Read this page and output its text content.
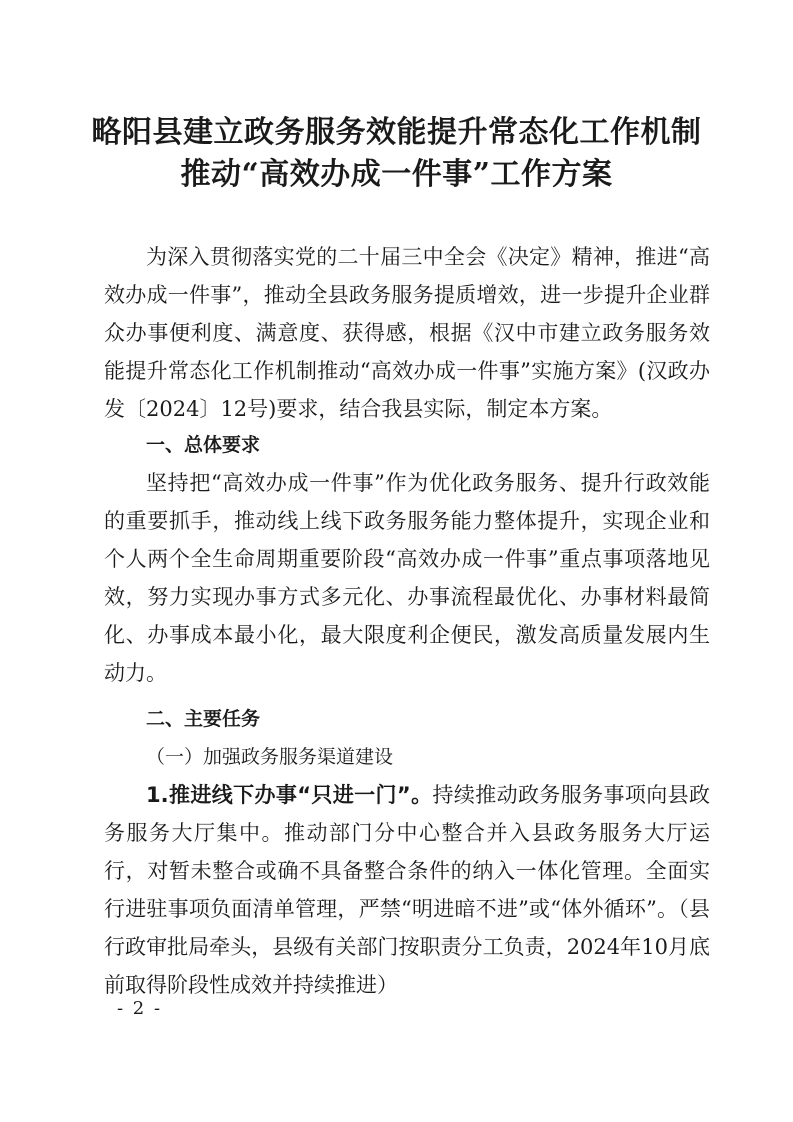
略阳县建立政务服务效能提升常态化工作机制
推动“高效办成一件事”工作方案

为深入贯彻落实党的二十届三中全会《决定》精神，推进“高效办成一件事”，推动全县政务服务提质增效，进一步提升企业群众办事便利度、满意度、获得感，根据《汉中市建立政务服务效能提升常态化工作机制推动“高效办成一件事”实施方案》(汉政办发〔2024〕12号)要求，结合我县实际，制定本方案。

一、总体要求

坚持把“高效办成一件事”作为优化政务服务、提升行政效能的重要抓手，推动线上线下政务服务能力整体提升，实现企业和个人两个全生命周期重要阶段“高效办成一件事”重点事项落地见效，努力实现办事方式多元化、办事流程最优化、办事材料最简化、办事成本最小化，最大限度利企便民，激发高质量发展内生动力。

二、主要任务

（一）加强政务服务渠道建设

1.推进线下办事“只进一门”。持续推动政务服务事项向县政务服务大厅集中。推动部门分中心整合并入县政务服务大厅运行，对暂未整合或确不具备整合条件的纳入一体化管理。全面实行进驻事项负面清单管理，严禁“明进暗不进”或“体外循环”。（县行政审批局牵头，县级有关部门按职责分工负责，2024年10月底前取得阶段性成效并持续推进）

- 2 -
